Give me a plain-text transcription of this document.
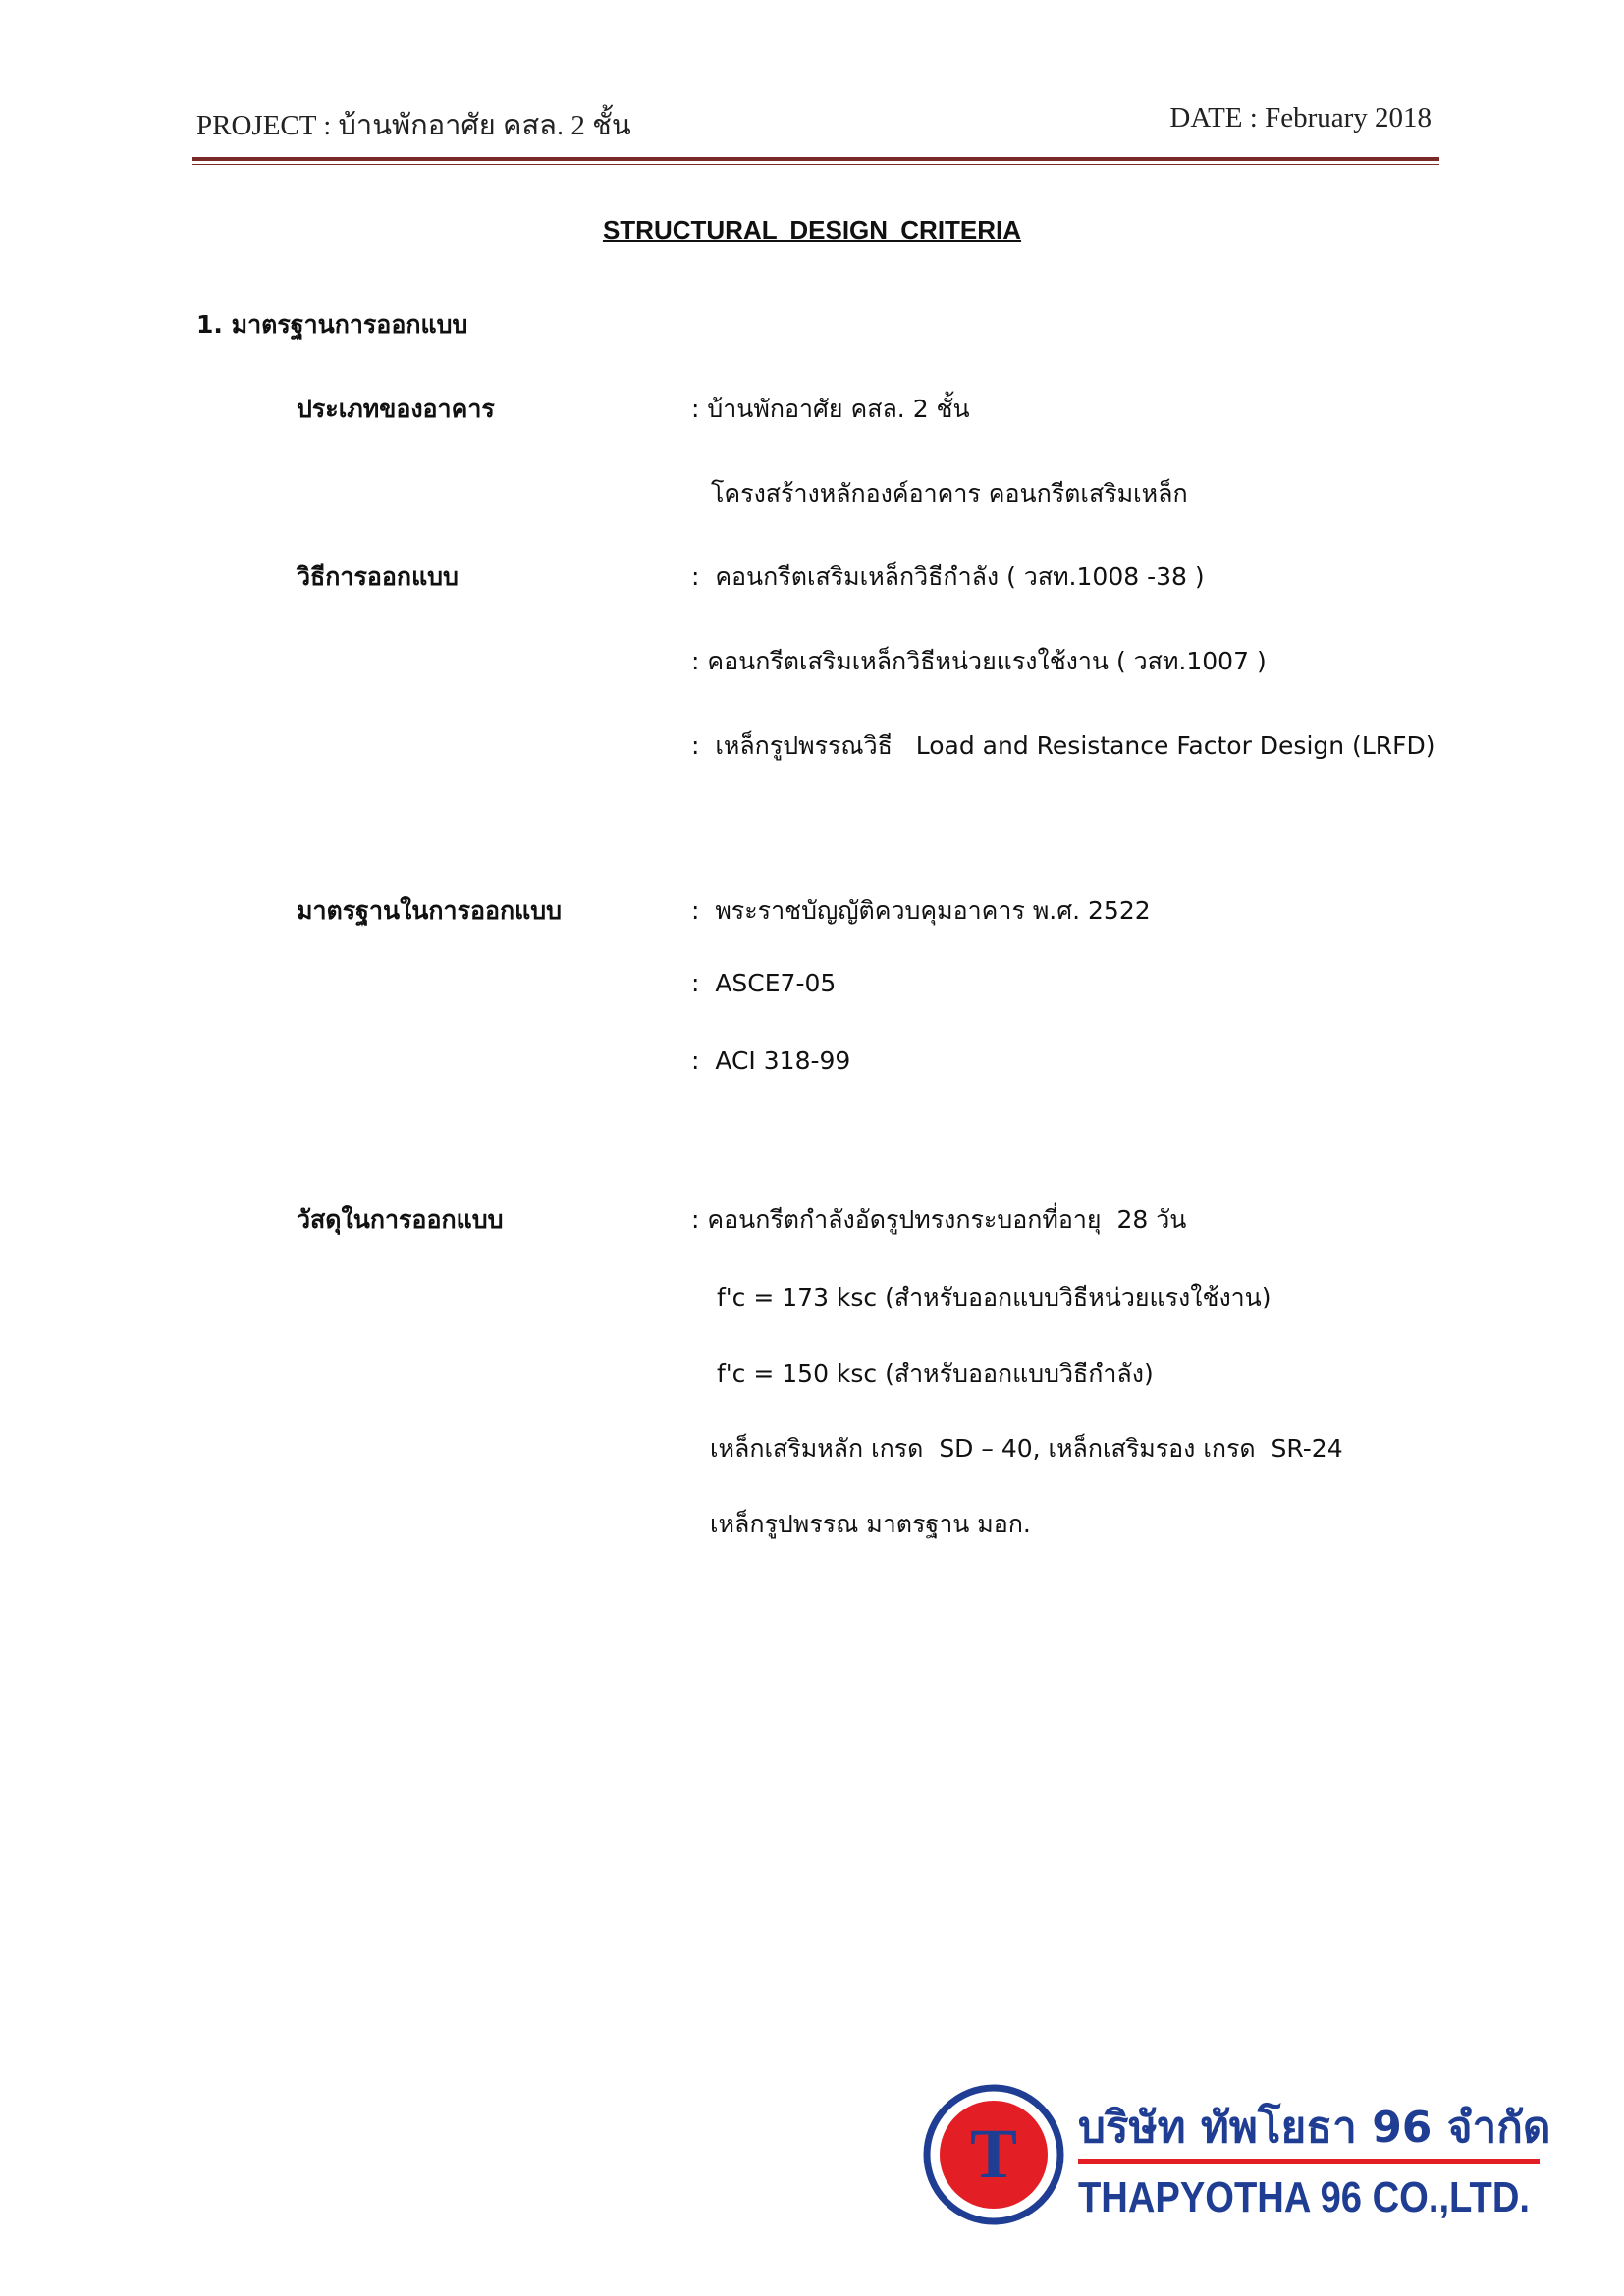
PROJECT : บ้านพักอาศัย คสล. 2 ชั้น	DATE : February 2018
STRUCTURAL DESIGN CRITERIA
1. มาตรฐานการออกแบบ
ประเภทของอาคาร	: บ้านพักอาศัย คสล. 2 ชั้น
โครงสร้างหลักองค์อาคาร คอนกรีตเสริมเหล็ก
วิธีการออกแบบ	:  คอนกรีตเสริมเหล็กวิธีกำลัง ( วสท.1008 -38 )
: คอนกรีตเสริมเหล็กวิธีหน่วยแรงใช้งาน ( วสท.1007 )
:  เหล็กรูปพรรณวิธี   Load and Resistance Factor Design (LRFD)
มาตรฐานในการออกแบบ	:  พระราชบัญญัติควบคุมอาคาร พ.ศ. 2522
:  ASCE7-05
:  ACI 318-99
วัสดุในการออกแบบ	: คอนกรีตกำลังอัดรูปทรงกระบอกที่อายุ  28 วัน
f'c = 173 ksc (สำหรับออกแบบวิธีหน่วยแรงใช้งาน)
f'c = 150 ksc (สำหรับออกแบบวิธีกำลัง)
เหล็กเสริมหลัก เกรด  SD – 40, เหล็กเสริมรอง เกรด  SR-24
เหล็กรูปพรรณ มาตรฐาน มอก.
T บริษัท ทัพโยธา 96 จำกัด
THAPYOTHA 96 CO.,LTD.
